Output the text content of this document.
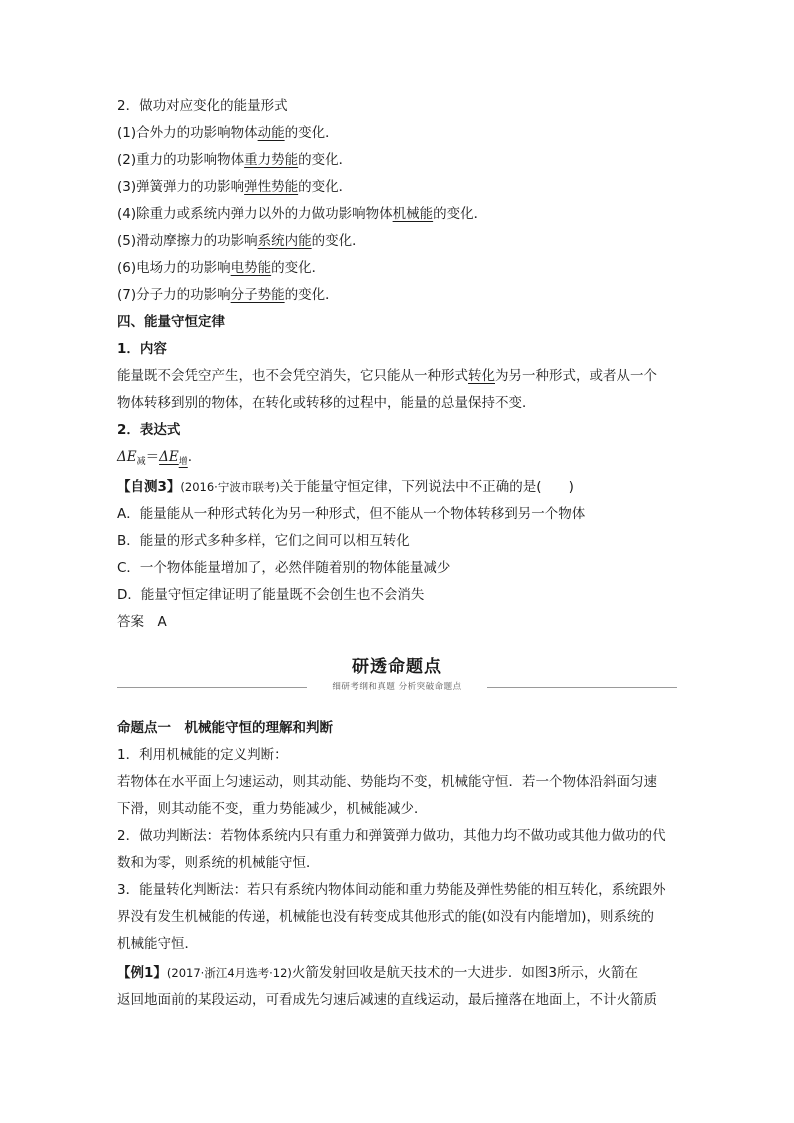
2．做功对应变化的能量形式
(1)合外力的功影响物体动能的变化．
(2)重力的功影响物体重力势能的变化．
(3)弹簧弹力的功影响弹性势能的变化．
(4)除重力或系统内弹力以外的力做功影响物体机械能的变化．
(5)滑动摩擦力的功影响系统内能的变化．
(6)电场力的功影响电势能的变化．
(7)分子力的功影响分子势能的变化．
四、能量守恒定律
1．内容
能量既不会凭空产生，也不会凭空消失，它只能从一种形式转化为另一种形式，或者从一个
物体转移到别的物体，在转化或转移的过程中，能量的总量保持不变．
2．表达式
$\Delta E_减=\Delta E_增$.
【自测3】(2016·宁波市联考)关于能量守恒定律，下列说法中不正确的是(　　)
A．能量能从一种形式转化为另一种形式，但不能从一个物体转移到另一个物体
B．能量的形式多种多样，它们之间可以相互转化
C．一个物体能量增加了，必然伴随着别的物体能量减少
D．能量守恒定律证明了能量既不会创生也不会消失
答案　A
研透命题点
细研考纲和真题 分析突破命题点
命题点一　机械能守恒的理解和判断
1．利用机械能的定义判断：
若物体在水平面上匀速运动，则其动能、势能均不变，机械能守恒．若一个物体沿斜面匀速
下滑，则其动能不变，重力势能减少，机械能减少．
2．做功判断法：若物体系统内只有重力和弹簧弹力做功，其他力均不做功或其他力做功的代
数和为零，则系统的机械能守恒．
3．能量转化判断法：若只有系统内物体间动能和重力势能及弹性势能的相互转化，系统跟外
界没有发生机械能的传递，机械能也没有转变成其他形式的能(如没有内能增加)，则系统的
机械能守恒．
【例1】(2017·浙江4月选考·12)火箭发射回收是航天技术的一大进步．如图3所示，火箭在
返回地面前的某段运动，可看成先匀速后减速的直线运动，最后撞落在地面上，不计火箭质
